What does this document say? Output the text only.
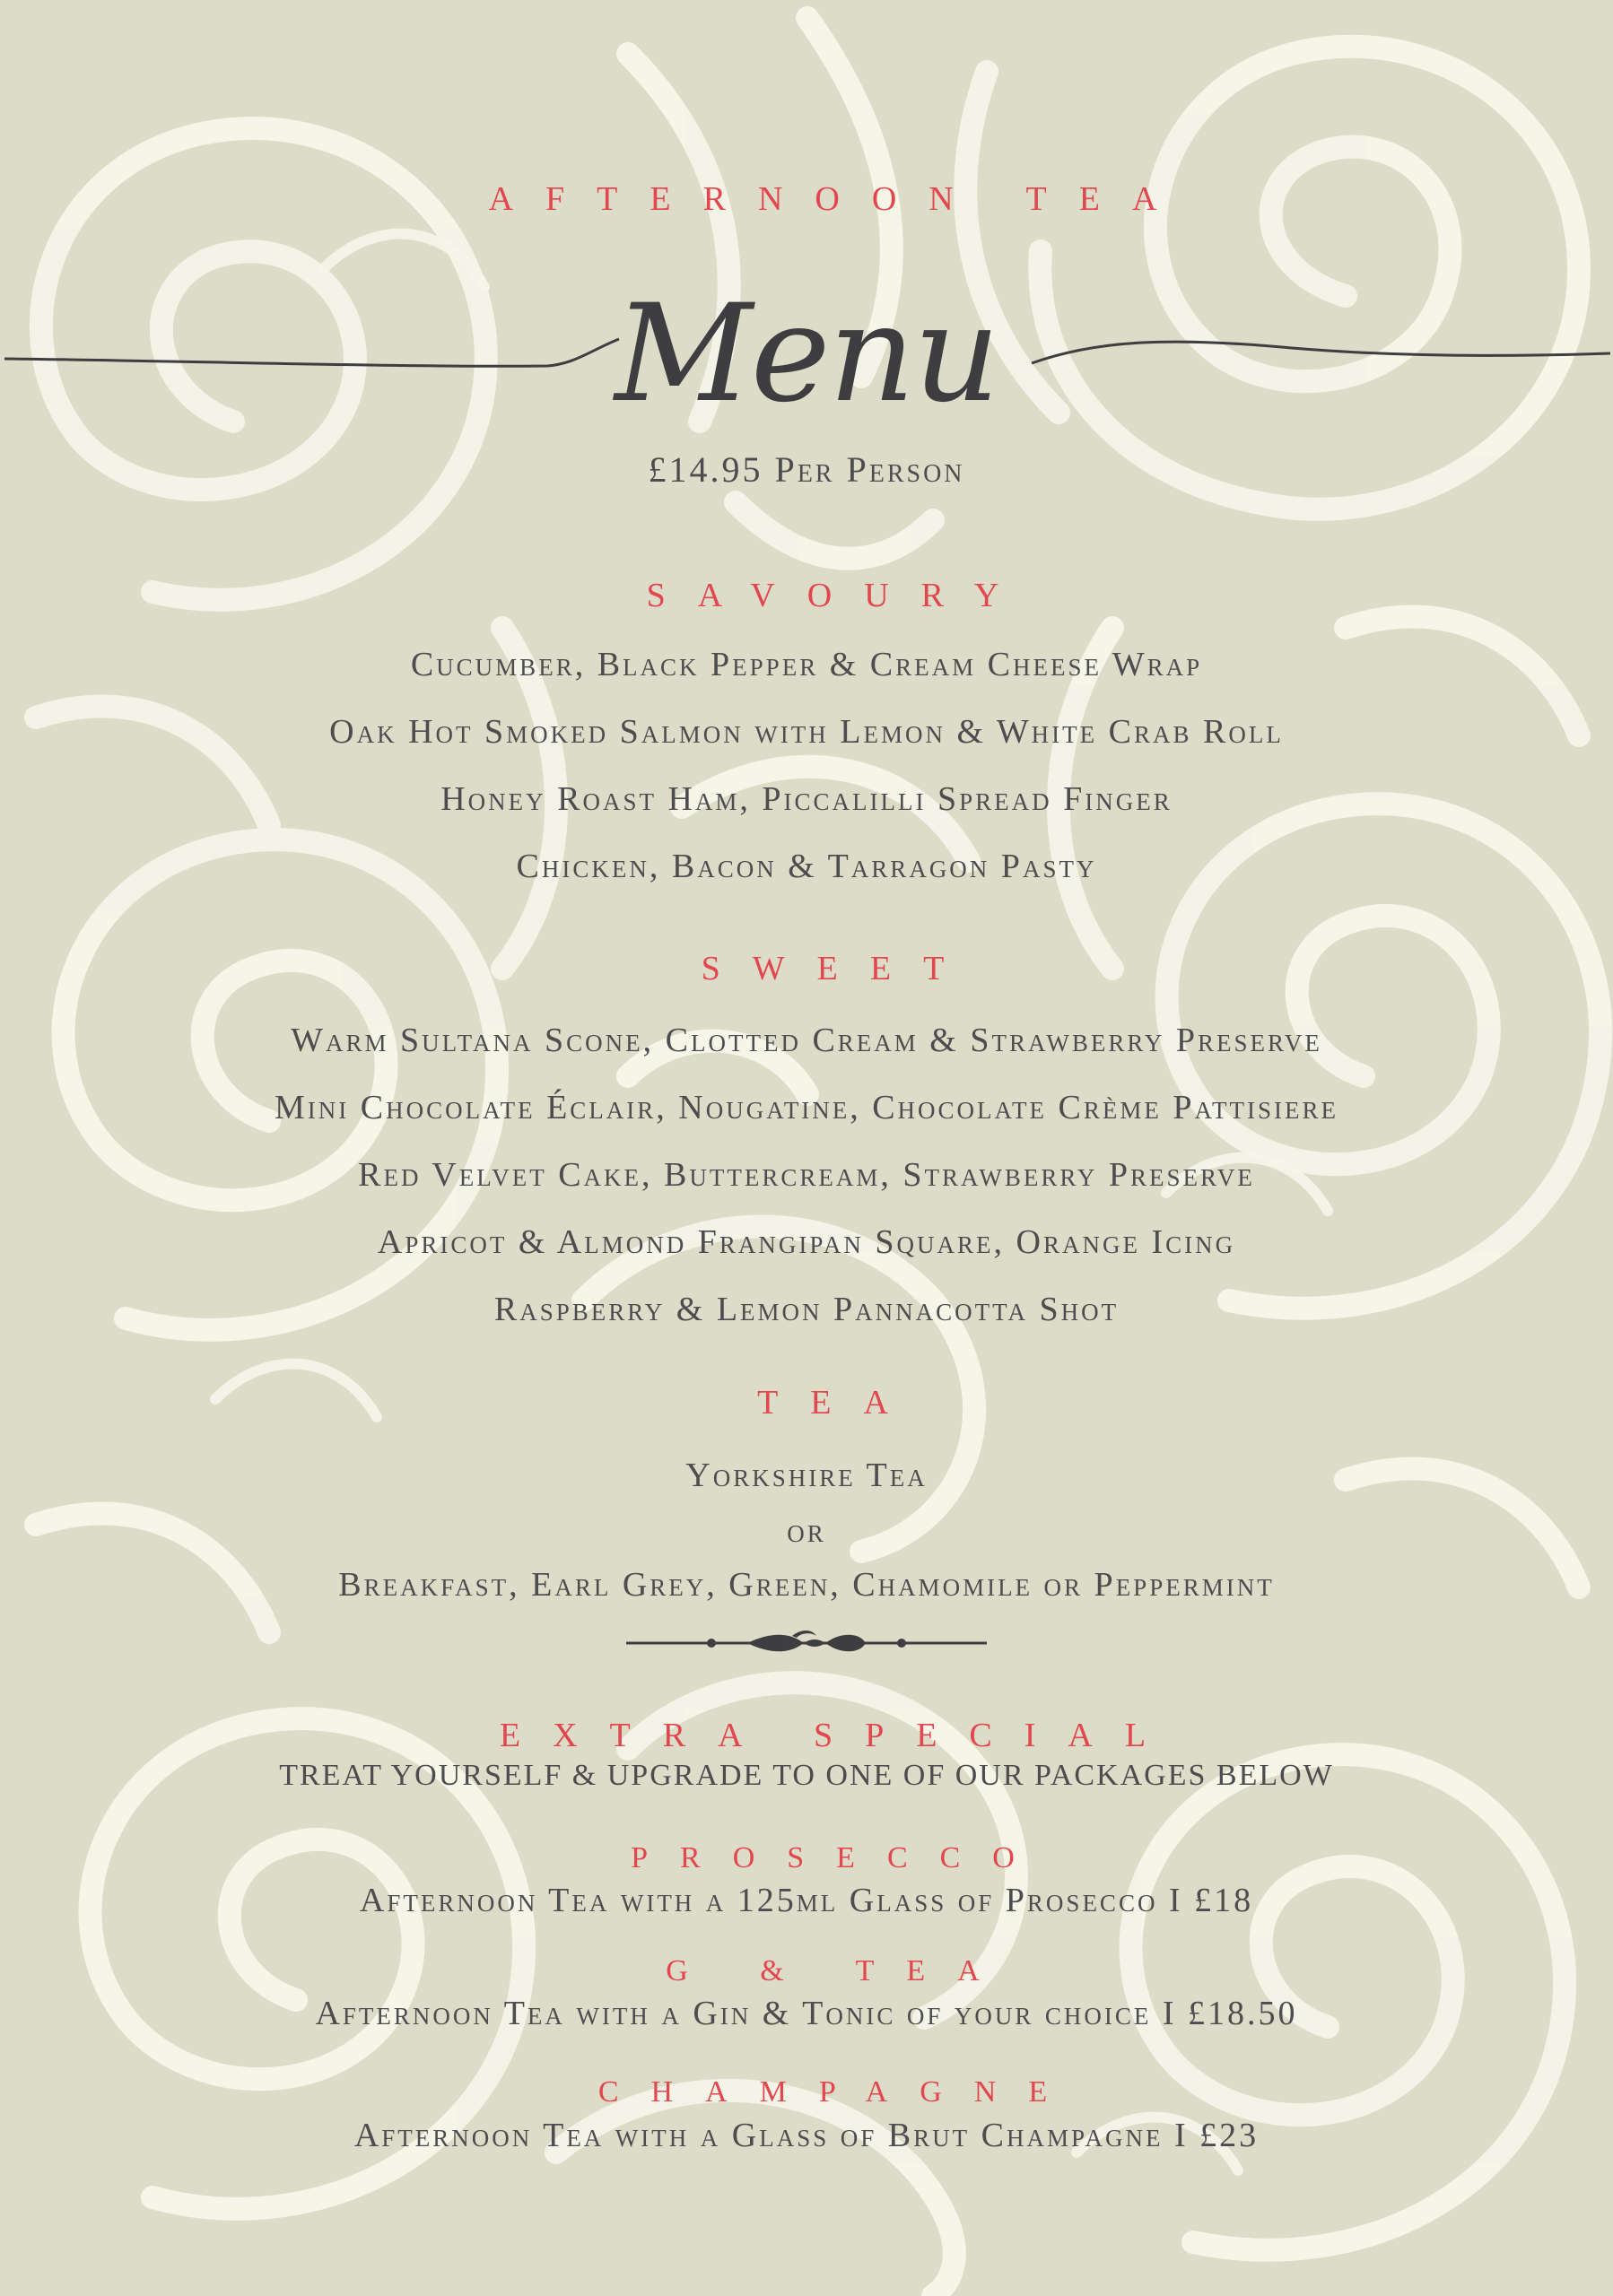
AFTERNOON TEA
Menu
£14.95 Per Person
SAVOURY
Cucumber, Black Pepper & Cream Cheese Wrap
Oak Hot Smoked Salmon with Lemon & White Crab Roll
Honey Roast Ham, Piccalilli Spread Finger
Chicken, Bacon & Tarragon Pasty
SWEET
Warm Sultana Scone, Clotted Cream & Strawberry Preserve
Mini Chocolate Éclair, Nougatine, Chocolate Crème Pattisiere
Red Velvet Cake, Buttercream, Strawberry Preserve
Apricot & Almond Frangipan Square, Orange Icing
Raspberry & Lemon Pannacotta Shot
TEA
Yorkshire Tea
or
Breakfast, Earl Grey, Green, Chamomile or Peppermint
EXTRA SPECIAL
TREAT YOURSELF & UPGRADE TO ONE OF OUR PACKAGES BELOW
PROSECCO
Afternoon Tea with a 125ml Glass of Prosecco I £18
G & TEA
Afternoon Tea with a Gin & Tonic of your choice I £18.50
CHAMPAGNE
Afternoon Tea with a Glass of Brut Champagne I £23
